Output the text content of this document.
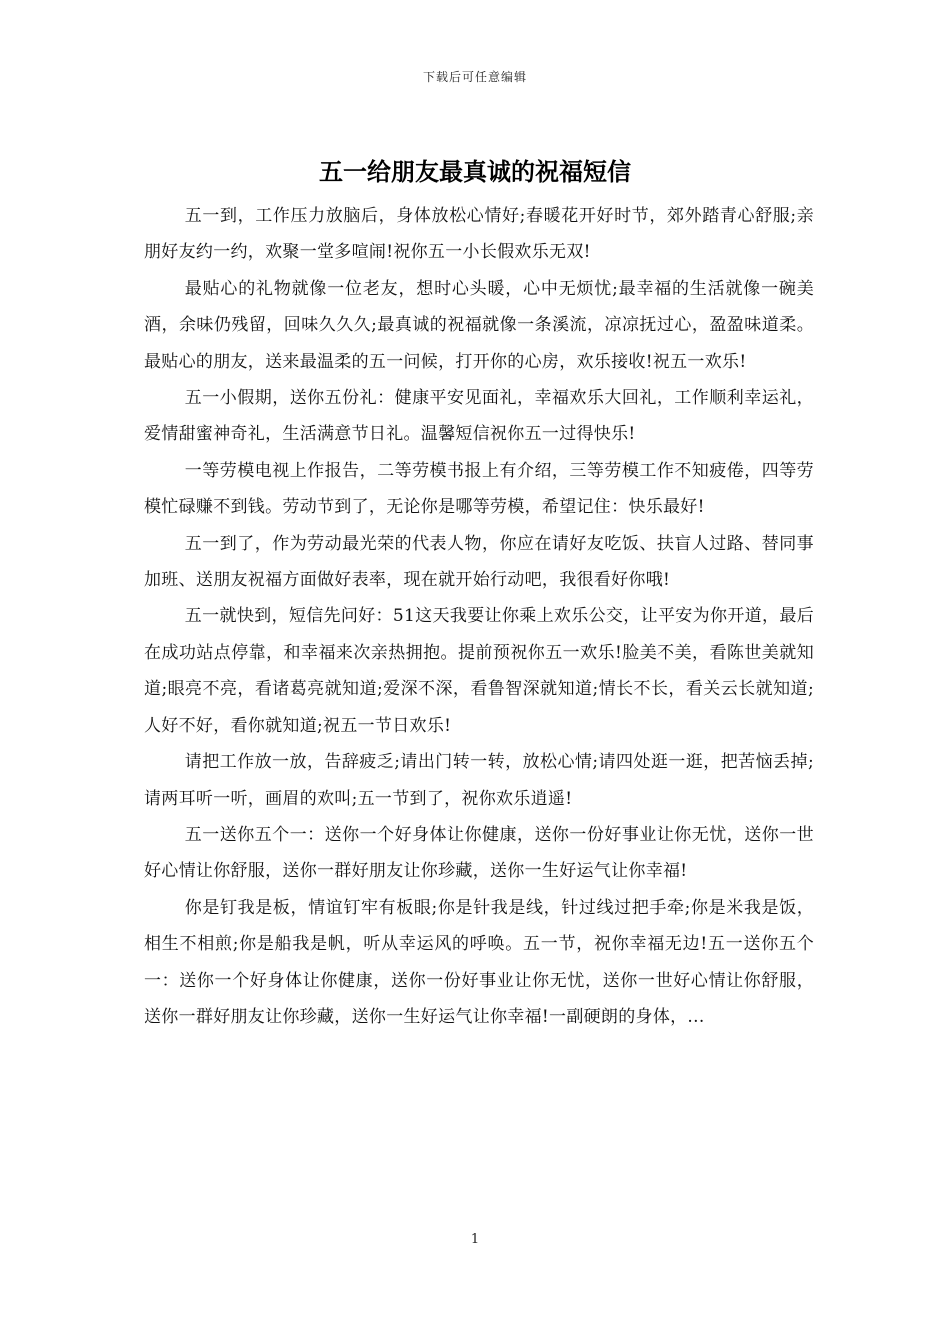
下载后可任意编辑
五一给朋友最真诚的祝福短信

五一到，工作压力放脑后，身体放松心情好;春暖花开好时节，郊外踏青心舒服;亲朋好友约一约，欢聚一堂多喧闹!祝你五一小长假欢乐无双!

最贴心的礼物就像一位老友，想时心头暖，心中无烦忧;最幸福的生活就像一碗美酒，余味仍残留，回味久久久;最真诚的祝福就像一条溪流，凉凉抚过心，盈盈味道柔。最贴心的朋友，送来最温柔的五一问候，打开你的心房，欢乐接收!祝五一欢乐!

五一小假期，送你五份礼：健康平安见面礼，幸福欢乐大回礼，工作顺利幸运礼，爱情甜蜜神奇礼，生活满意节日礼。温馨短信祝你五一过得快乐!

一等劳模电视上作报告，二等劳模书报上有介绍，三等劳模工作不知疲倦，四等劳模忙碌赚不到钱。劳动节到了，无论你是哪等劳模，希望记住：快乐最好!

五一到了，作为劳动最光荣的代表人物，你应在请好友吃饭、扶盲人过路、替同事加班、送朋友祝福方面做好表率，现在就开始行动吧，我很看好你哦!

五一就快到，短信先问好：51这天我要让你乘上欢乐公交，让平安为你开道，最后在成功站点停靠，和幸福来次亲热拥抱。提前预祝你五一欢乐!脸美不美，看陈世美就知道;眼亮不亮，看诸葛亮就知道;爱深不深，看鲁智深就知道;情长不长，看关云长就知道;人好不好，看你就知道;祝五一节日欢乐!

请把工作放一放，告辞疲乏;请出门转一转，放松心情;请四处逛一逛，把苦恼丢掉;请两耳听一听，画眉的欢叫;五一节到了，祝你欢乐逍遥!

五一送你五个一：送你一个好身体让你健康，送你一份好事业让你无忧，送你一世好心情让你舒服，送你一群好朋友让你珍藏，送你一生好运气让你幸福!

你是钉我是板，情谊钉牢有板眼;你是针我是线，针过线过把手牵;你是米我是饭，相生不相煎;你是船我是帆，听从幸运风的呼唤。五一节，祝你幸福无边!五一送你五个一：送你一个好身体让你健康，送你一份好事业让你无忧，送你一世好心情让你舒服，送你一群好朋友让你珍藏，送你一生好运气让你幸福!一副硬朗的身体，...

1
